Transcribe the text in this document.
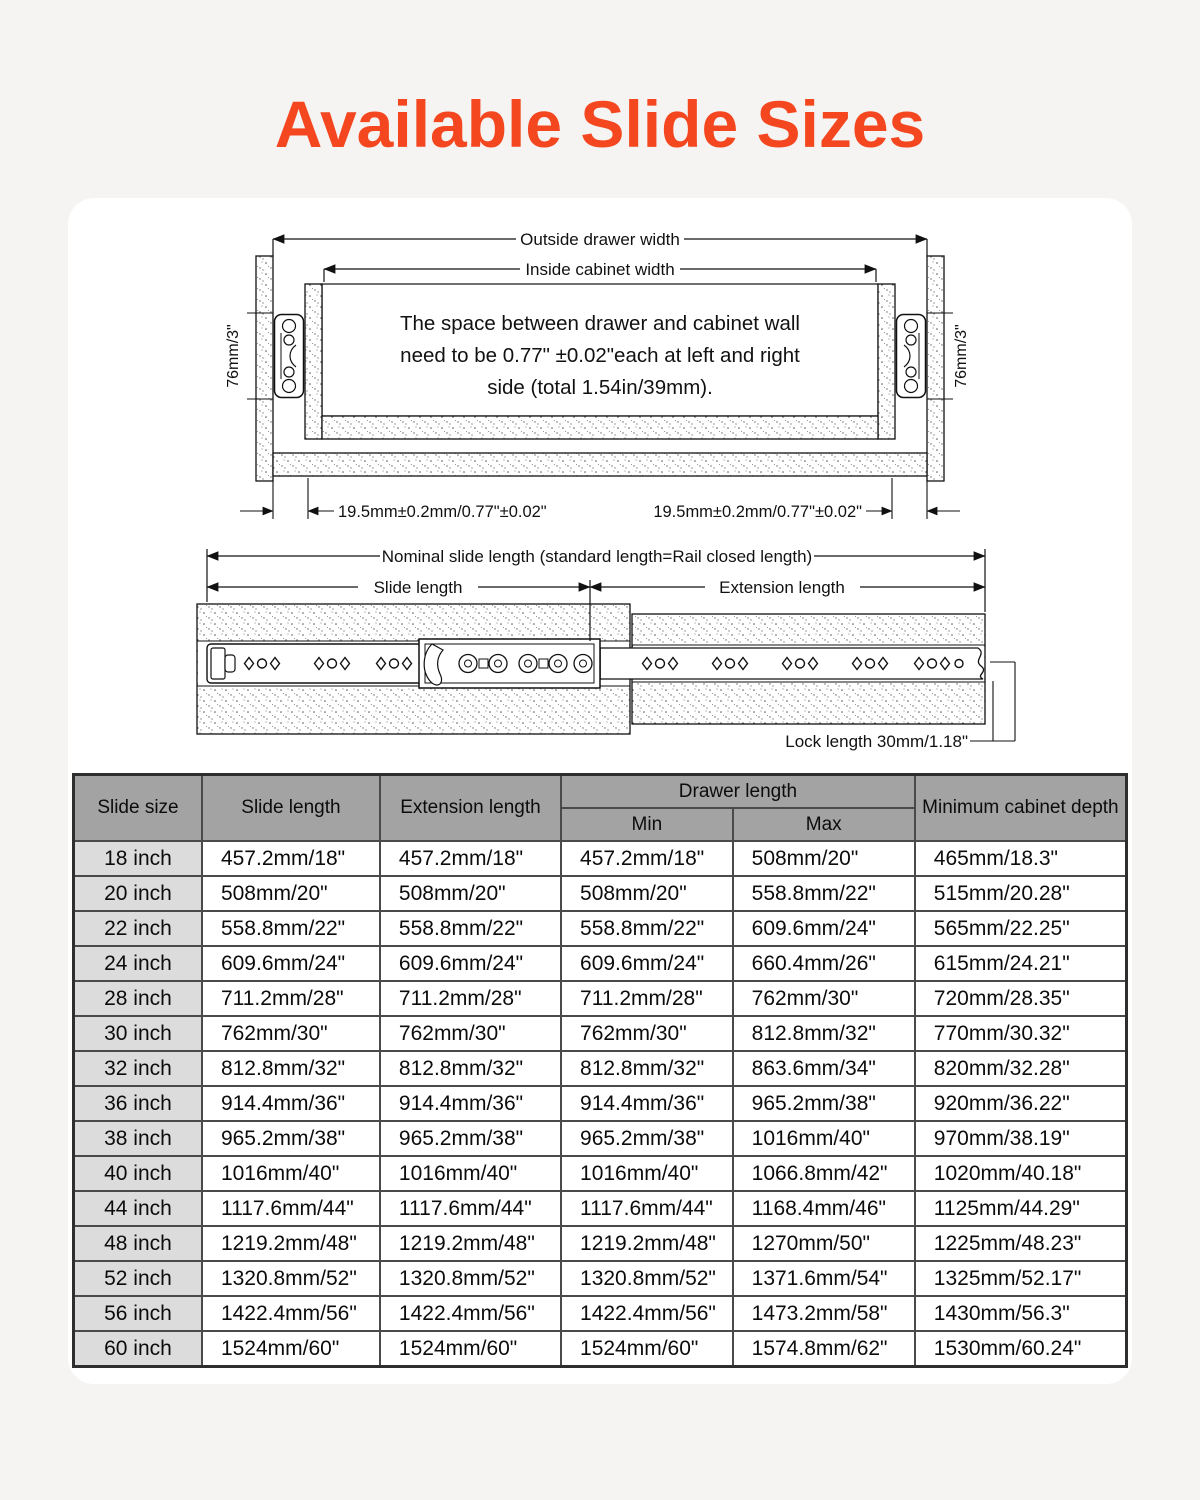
Available Slide Sizes
Outside drawer width
Inside cabinet width
The space between drawer and cabinet wall
need to be 0.77" ±0.02"each at left and right
side (total 1.54in/39mm).
76mm/3"	76mm/3"
19.5mm±0.2mm/0.77"±0.02"	19.5mm±0.2mm/0.77"±0.02"
Nominal slide length (standard length=Rail closed length)
Slide length	Extension length
Lock length 30mm/1.18"
Slide size	Slide length	Extension length	Drawer length		Minimum cabinet depth
			Min	Max	
18 inch	457.2mm/18"	457.2mm/18"	457.2mm/18"	508mm/20"	465mm/18.3"
20 inch	508mm/20"	508mm/20"	508mm/20"	558.8mm/22"	515mm/20.28"
22 inch	558.8mm/22"	558.8mm/22"	558.8mm/22"	609.6mm/24"	565mm/22.25"
24 inch	609.6mm/24"	609.6mm/24"	609.6mm/24"	660.4mm/26"	615mm/24.21"
28 inch	711.2mm/28"	711.2mm/28"	711.2mm/28"	762mm/30"	720mm/28.35"
30 inch	762mm/30"	762mm/30"	762mm/30"	812.8mm/32"	770mm/30.32"
32 inch	812.8mm/32"	812.8mm/32"	812.8mm/32"	863.6mm/34"	820mm/32.28"
36 inch	914.4mm/36"	914.4mm/36"	914.4mm/36"	965.2mm/38"	920mm/36.22"
38 inch	965.2mm/38"	965.2mm/38"	965.2mm/38"	1016mm/40"	970mm/38.19"
40 inch	1016mm/40"	1016mm/40"	1016mm/40"	1066.8mm/42"	1020mm/40.18"
44 inch	1117.6mm/44"	1117.6mm/44"	1117.6mm/44"	1168.4mm/46"	1125mm/44.29"
48 inch	1219.2mm/48"	1219.2mm/48"	1219.2mm/48"	1270mm/50"	1225mm/48.23"
52 inch	1320.8mm/52"	1320.8mm/52"	1320.8mm/52"	1371.6mm/54"	1325mm/52.17"
56 inch	1422.4mm/56"	1422.4mm/56"	1422.4mm/56"	1473.2mm/58"	1430mm/56.3"
60 inch	1524mm/60"	1524mm/60"	1524mm/60"	1574.8mm/62"	1530mm/60.24"
